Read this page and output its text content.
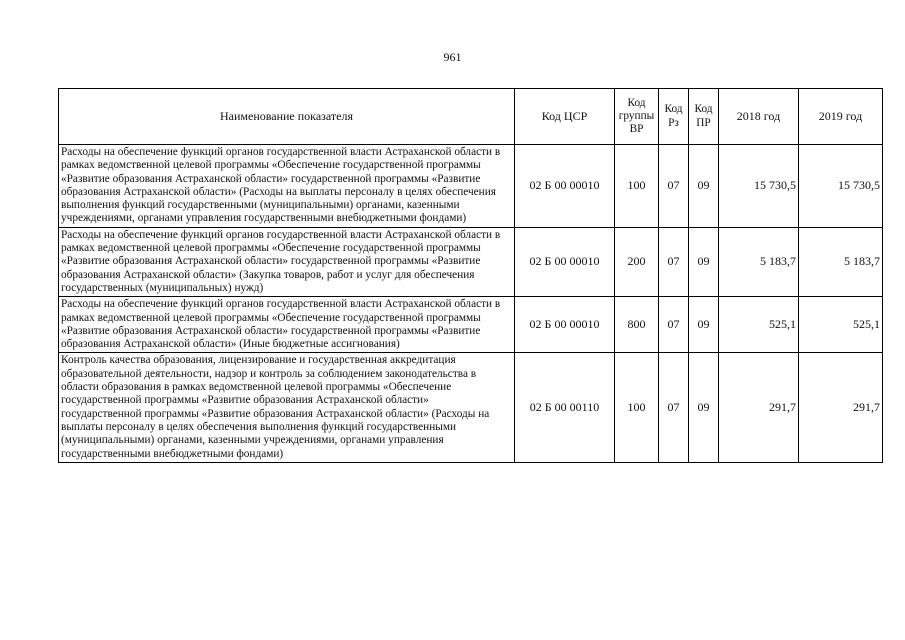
961
Наименование показателя	Код ЦСР	Код
группы
ВР	Код
Рз	Код
ПР	2018 год	2019 год
Расходы на обеспечение функций органов государственной власти Астраханской области в рамках ведомственной целевой программы «Обеспечение государственной программы «Развитие образования Астраханской области» государственной программы «Развитие образования Астраханской области» (Расходы на выплаты персоналу в целях обеспечения выполнения функций государственными (муниципальными) органами, казенными учреждениями, органами управления государственными внебюджетными фондами)	02 Б 00 00010	100	07	09	15 730,5	15 730,5
Расходы на обеспечение функций органов государственной власти Астраханской области в рамках ведомственной целевой программы «Обеспечение государственной программы «Развитие образования Астраханской области» государственной программы «Развитие образования Астраханской области» (Закупка товаров, работ и услуг для обеспечения государственных (муниципальных) нужд)	02 Б 00 00010	200	07	09	5 183,7	5 183,7
Расходы на обеспечение функций органов государственной власти Астраханской области в рамках ведомственной целевой программы «Обеспечение государственной программы «Развитие образования Астраханской области» государственной программы «Развитие образования Астраханской области» (Иные бюджетные ассигнования)	02 Б 00 00010	800	07	09	525,1	525,1
Контроль качества образования, лицензирование и государственная аккредитация образовательной деятельности, надзор и контроль за соблюдением законодательства в области образования в рамках ведомственной целевой программы «Обеспечение государственной программы «Развитие образования Астраханской области» государственной программы «Развитие образования Астраханской области» (Расходы на выплаты персоналу в целях обеспечения выполнения функций государственными (муниципальными) органами, казенными учреждениями, органами управления государственными внебюджетными фондами)	02 Б 00 00110	100	07	09	291,7	291,7
